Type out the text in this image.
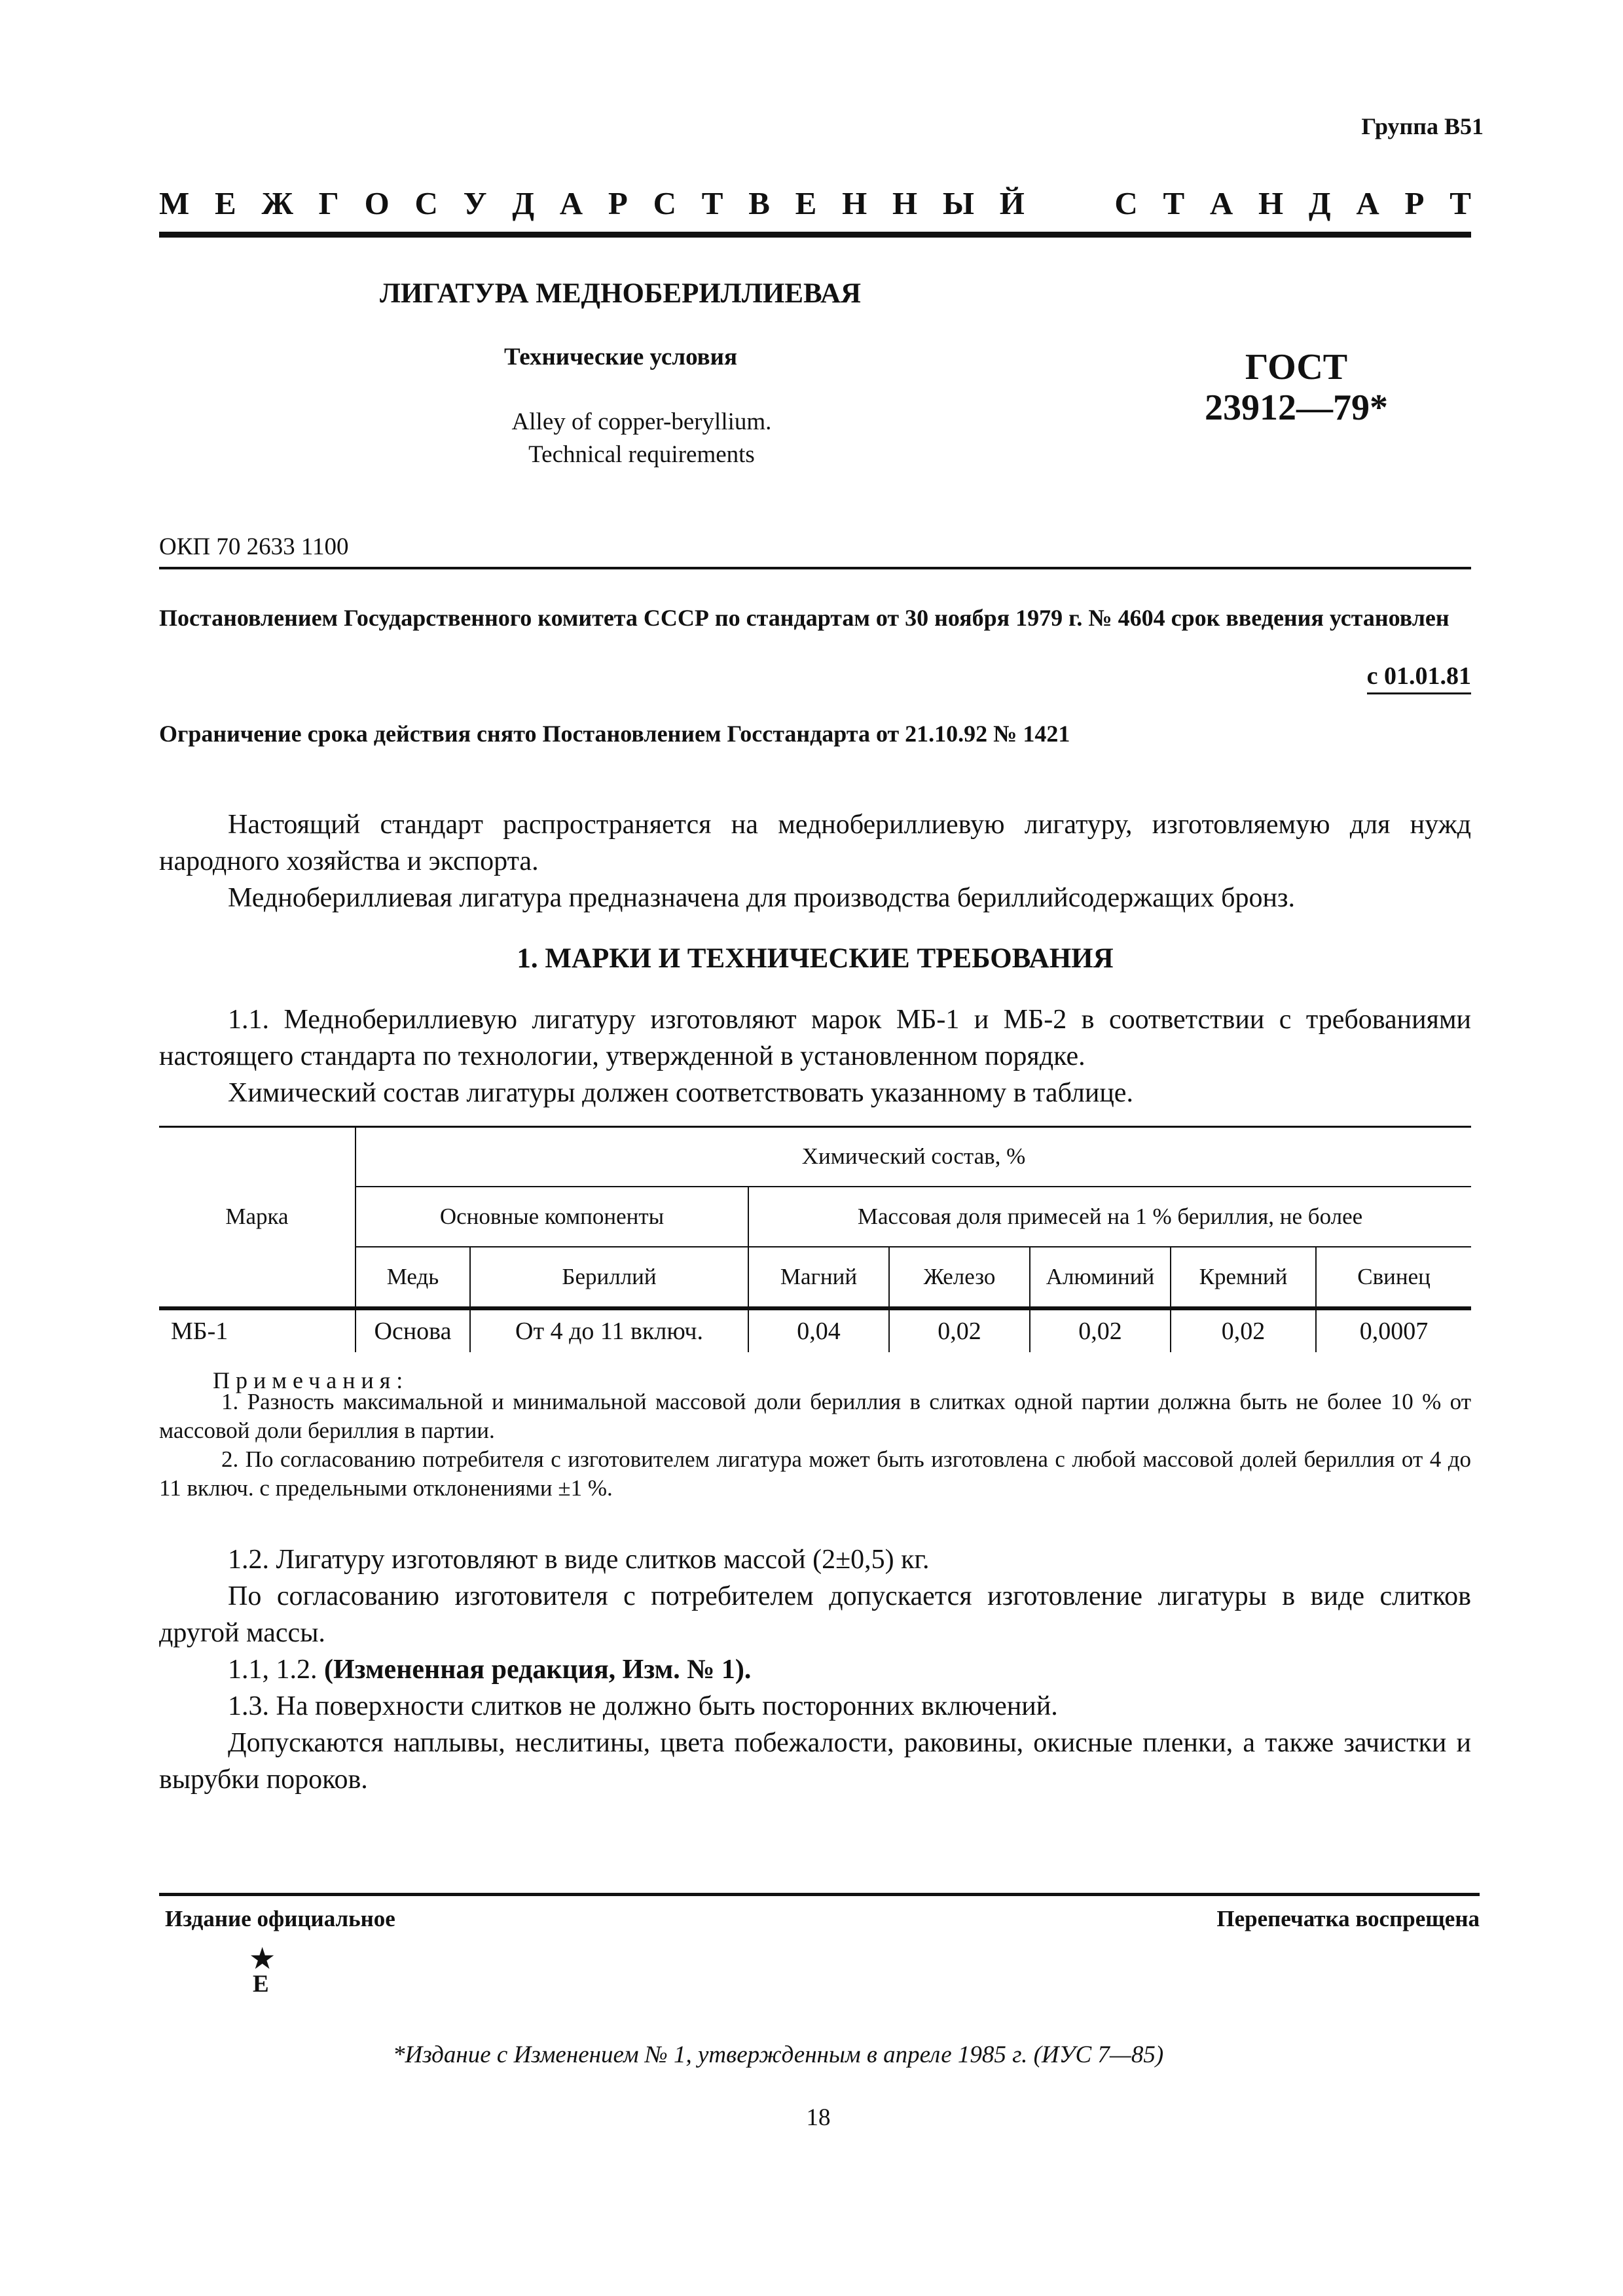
Группа В51
М Е Ж Г О С У Д А Р С Т В Е Н Н Ы Й	С Т А Н Д А Р Т
ЛИГАТУРА МЕДНОБЕРИЛЛИЕВАЯ
Технические условия
Alley of copper-beryllium.
Technical requirements
ГОСТ
23912—79*
ОКП 70 2633 1100
Постановлением Государственного комитета СССР по стандартам от 30 ноября 1979 г. № 4604 срок введения установлен
с 01.01.81
Ограничение срока действия снято Постановлением Госстандарта от 21.10.92 № 1421
Настоящий стандарт распространяется на меднобериллиевую лигатуру, изготовляемую для нужд народного хозяйства и экспорта.
Меднобериллиевая лигатура предназначена для производства бериллийсодержащих бронз.
1. МАРКИ И ТЕХНИЧЕСКИЕ ТРЕБОВАНИЯ
1.1. Меднобериллиевую лигатуру изготовляют марок МБ-1 и МБ-2 в соответствии с требованиями настоящего стандарта по технологии, утвержденной в установленном порядке.
Химический состав лигатуры должен соответствовать указанному в таблице.
Марка	Химический состав, %						
	Основные компоненты		Массовая доля примесей на 1 % бериллия, не более				
	Медь	Бериллий	Магний	Железо	Алюминий	Кремний	Свинец
МБ-1	Основа	От 4 до 11 включ.	0,04	0,02	0,02	0,02	0,0007
Примечания:
1. Разность максимальной и минимальной массовой доли бериллия в слитках одной партии должна быть не более 10 % от массовой доли бериллия в партии.
2. По согласованию потребителя с изготовителем лигатура может быть изготовлена с любой массовой долей бериллия от 4 до 11 включ. с предельными отклонениями ±1 %.
1.2. Лигатуру изготовляют в виде слитков массой (2±0,5) кг.
По согласованию изготовителя с потребителем допускается изготовление лигатуры в виде слитков другой массы.
1.1, 1.2. (Измененная редакция, Изм. № 1).
1.3. На поверхности слитков не должно быть посторонних включений.
Допускаются наплывы, неслитины, цвета побежалости, раковины, окисные пленки, а также зачистки и вырубки пороков.
Издание официальное	Перепечатка воспрещена
★
Е
*Издание с Изменением № 1, утвержденным в апреле 1985 г. (ИУС 7—85)
18
